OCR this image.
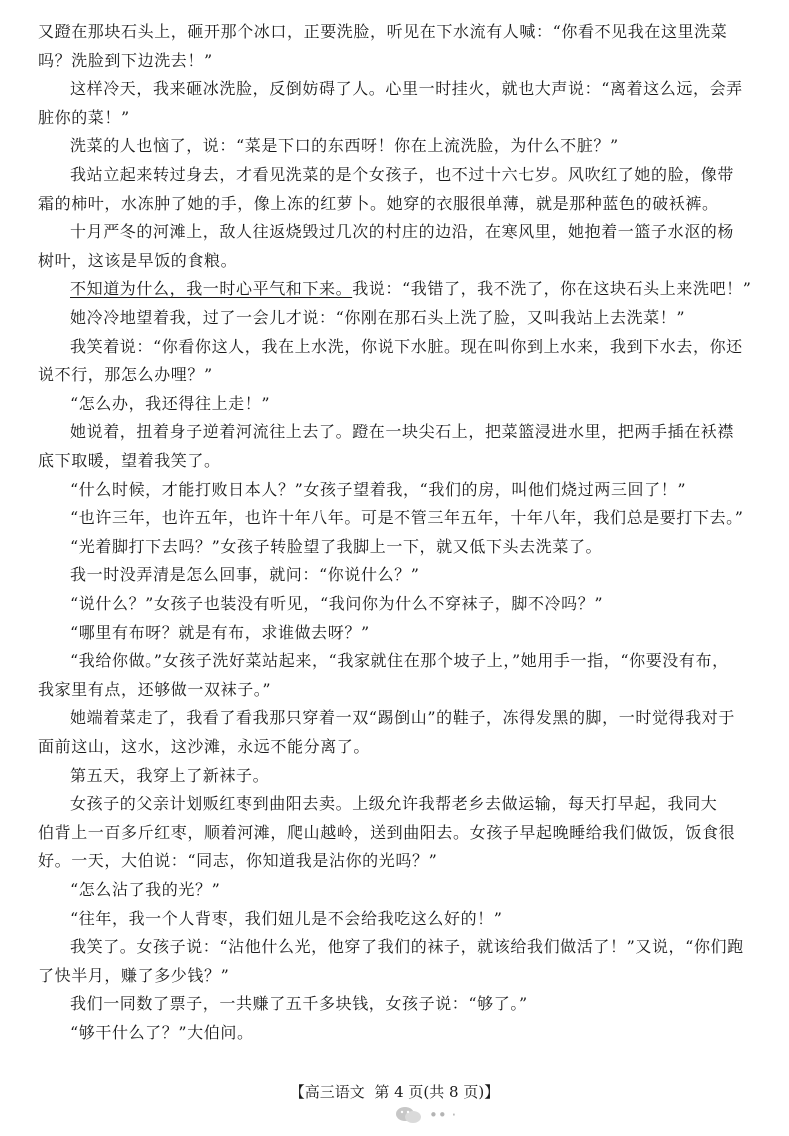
又蹬在那块石头上，砸开那个冰口，正要洗脸，听见在下水流有人喊：“你看不见我在这里洗菜
吗？洗脸到下边洗去！”
这样冷天，我来砸冰洗脸，反倒妨碍了人。心里一时挂火，就也大声说：“离着这么远，会弄
脏你的菜！”
洗菜的人也恼了，说：“菜是下口的东西呀！你在上流洗脸，为什么不脏？”
我站立起来转过身去，才看见洗菜的是个女孩子，也不过十六七岁。风吹红了她的脸，像带
霜的柿叶，水冻肿了她的手，像上冻的红萝卜。她穿的衣服很单薄，就是那种蓝色的破袄裤。
十月严冬的河滩上，敌人往返烧毁过几次的村庄的边沿，在寒风里，她抱着一篮子水沤的杨
树叶，这该是早饭的食粮。
不知道为什么，我一时心平气和下来。我说：“我错了，我不洗了，你在这块石头上来洗吧！”
她冷冷地望着我，过了一会儿才说：“你刚在那石头上洗了脸，又叫我站上去洗菜！”
我笑着说：“你看你这人，我在上水洗，你说下水脏。现在叫你到上水来，我到下水去，你还
说不行，那怎么办哩？”
“怎么办，我还得往上走！”
她说着，扭着身子逆着河流往上去了。蹬在一块尖石上，把菜篮浸进水里，把两手插在袄襟
底下取暖，望着我笑了。
“什么时候，才能打败日本人？”女孩子望着我，“我们的房，叫他们烧过两三回了！”
“也许三年，也许五年，也许十年八年。可是不管三年五年，十年八年，我们总是要打下去。”
“光着脚打下去吗？”女孩子转脸望了我脚上一下，就又低下头去洗菜了。
我一时没弄清是怎么回事，就问：“你说什么？”
“说什么？”女孩子也装没有听见，“我问你为什么不穿袜子，脚不冷吗？”
“哪里有布呀？就是有布，求谁做去呀？”
“我给你做。”女孩子洗好菜站起来，“我家就住在那个坡子上，”她用手一指，“你要没有布，
我家里有点，还够做一双袜子。”
她端着菜走了，我看了看我那只穿着一双“踢倒山”的鞋子，冻得发黑的脚，一时觉得我对于
面前这山，这水，这沙滩，永远不能分离了。
第五天，我穿上了新袜子。
女孩子的父亲计划贩红枣到曲阳去卖。上级允许我帮老乡去做运输，每天打早起，我同大
伯背上一百多斤红枣，顺着河滩，爬山越岭，送到曲阳去。女孩子早起晚睡给我们做饭，饭食很
好。一天，大伯说：“同志，你知道我是沾你的光吗？”
“怎么沾了我的光？”
“往年，我一个人背枣，我们妞儿是不会给我吃这么好的！”
我笑了。女孩子说：“沾他什么光，他穿了我们的袜子，就该给我们做活了！”又说，“你们跑
了快半月，赚了多少钱？”
我们一同数了票子，一共赚了五千多块钱，女孩子说：“够了。”
“够干什么了？”大伯问。
【高三语文 第 4 页(共 8 页)】
•• ·
